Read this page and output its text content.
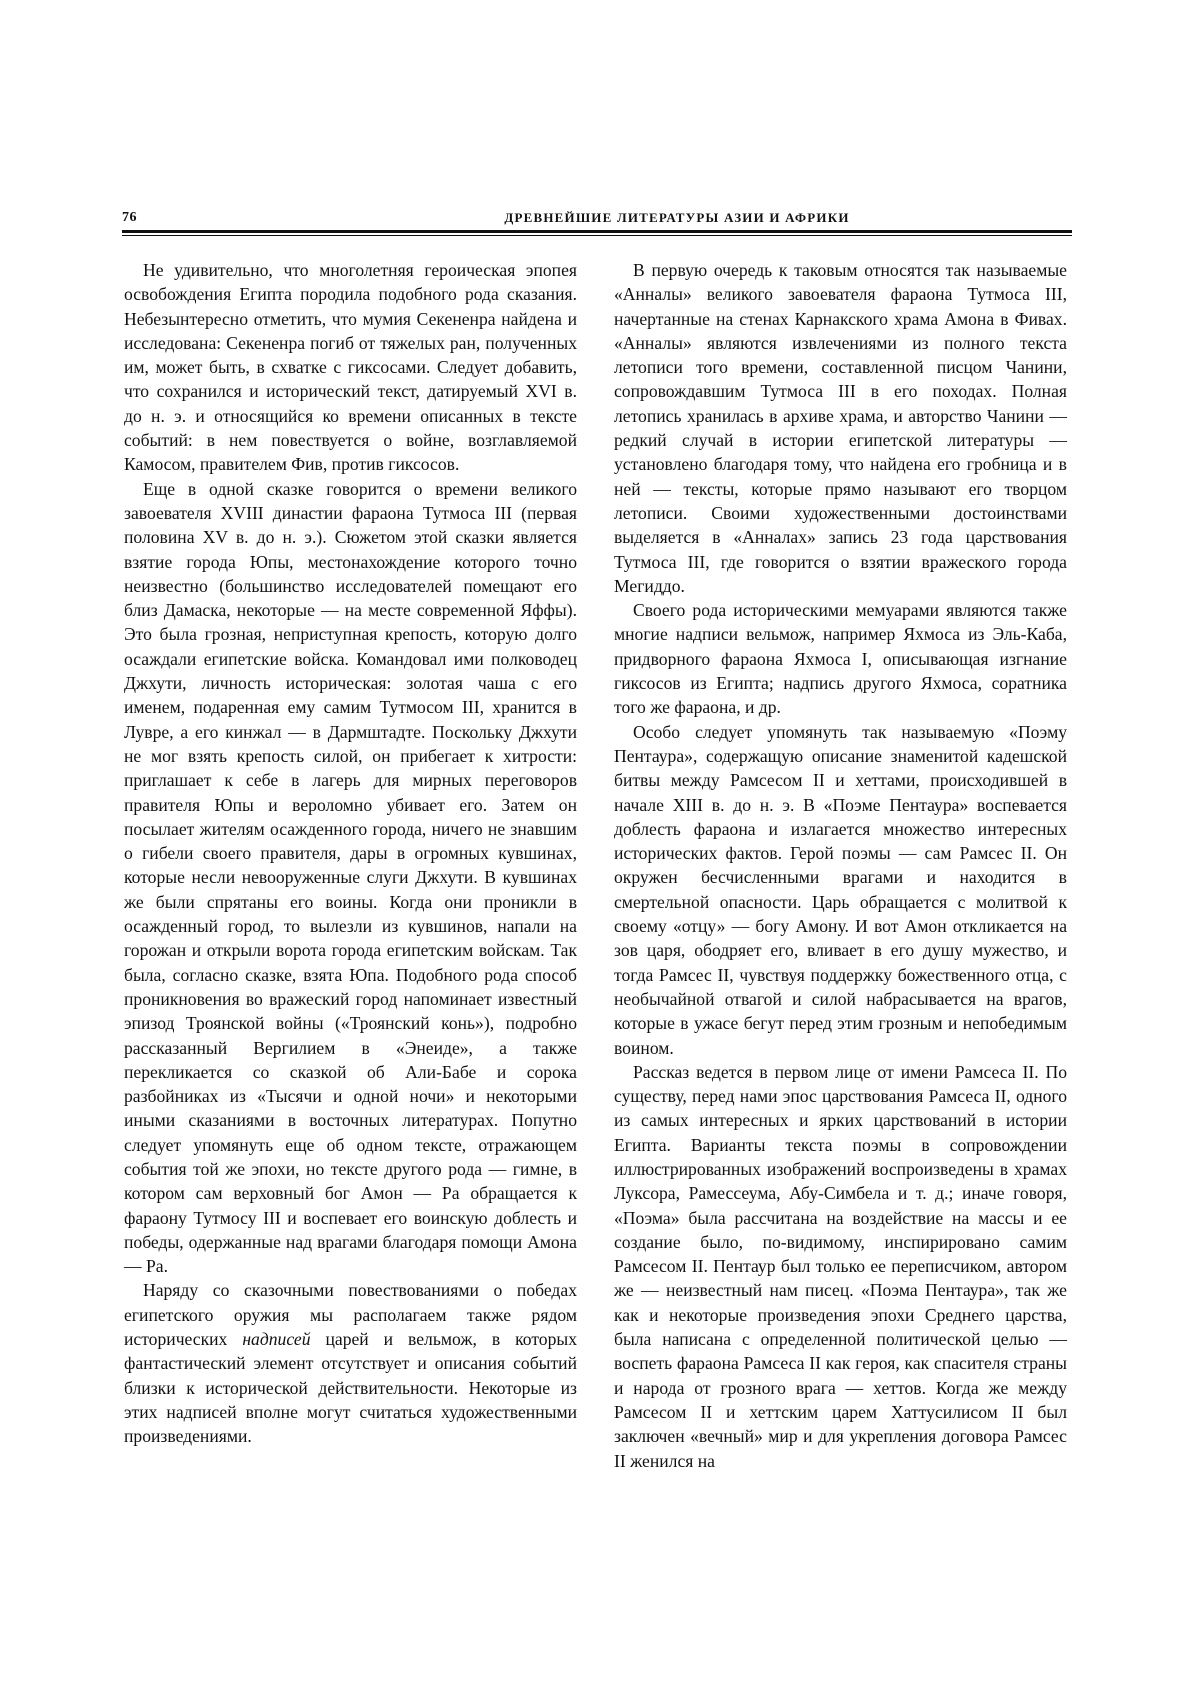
76	ДРЕВНЕЙШИЕ ЛИТЕРАТУРЫ АЗИИ И АФРИКИ

Не удивительно, что многолетняя героическая эпопея освобождения Египта породила подобного рода сказания. Небезынтересно отметить, что мумия Секененра найдена и исследована: Секененра погиб от тяжелых ран, полученных им, может быть, в схватке с гиксосами. Следует добавить, что сохранился и исторический текст, датируемый XVI в. до н. э. и относящийся ко времени описанных в тексте событий: в нем повествуется о войне, возглавляемой Камосом, правителем Фив, против гиксосов.

Еще в одной сказке говорится о времени великого завоевателя XVIII династии фараона Тутмоса III (первая половина XV в. до н. э.). Сюжетом этой сказки является взятие города Юпы, местонахождение которого точно неизвестно (большинство исследователей помещают его близ Дамаска, некоторые — на месте современной Яффы). Это была грозная, неприступная крепость, которую долго осаждали египетские войска. Командовал ими полководец Джхути, личность историческая: золотая чаша с его именем, подаренная ему самим Тутмосом III, хранится в Лувре, а его кинжал — в Дармштадте. Поскольку Джхути не мог взять крепость силой, он прибегает к хитрости: приглашает к себе в лагерь для мирных переговоров правителя Юпы и вероломно убивает его. Затем он посылает жителям осажденного города, ничего не знавшим о гибели своего правителя, дары в огромных кувшинах, которые несли невооруженные слуги Джхути. В кувшинах же были спрятаны его воины. Когда они проникли в осажденный город, то вылезли из кувшинов, напали на горожан и открыли ворота города египетским войскам. Так была, согласно сказке, взята Юпа. Подобного рода способ проникновения во вражеский город напоминает известный эпизод Троянской войны («Троянский конь»), подробно рассказанный Вергилием в «Энеиде», а также перекликается со сказкой об Али-Бабе и сорока разбойниках из «Тысячи и одной ночи» и некоторыми иными сказаниями в восточных литературах. Попутно следует упомянуть еще об одном тексте, отражающем события той же эпохи, но тексте другого рода — гимне, в котором сам верховный бог Амон — Ра обращается к фараону Тутмосу III и воспевает его воинскую доблесть и победы, одержанные над врагами благодаря помощи Амона — Ра.

Наряду со сказочными повествованиями о победах египетского оружия мы располагаем также рядом исторических надписей царей и вельмож, в которых фантастический элемент отсутствует и описания событий близки к исторической действительности. Некоторые из этих надписей вполне могут считаться художественными произведениями.

В первую очередь к таковым относятся так называемые «Анналы» великого завоевателя фараона Тутмоса III, начертанные на стенах Карнакского храма Амона в Фивах. «Анналы» являются извлечениями из полного текста летописи того времени, составленной писцом Чанини, сопровождавшим Тутмоса III в его походах. Полная летопись хранилась в архиве храма, и авторство Чанини — редкий случай в истории египетской литературы — установлено благодаря тому, что найдена его гробница и в ней — тексты, которые прямо называют его творцом летописи. Своими художественными достоинствами выделяется в «Анналах» запись 23 года царствования Тутмоса III, где говорится о взятии вражеского города Мегиддо.

Своего рода историческими мемуарами являются также многие надписи вельмож, например Яхмоса из Эль-Каба, придворного фараона Яхмоса I, описывающая изгнание гиксосов из Египта; надпись другого Яхмоса, соратника того же фараона, и др.

Особо следует упомянуть так называемую «Поэму Пентаура», содержащую описание знаменитой кадешской битвы между Рамсесом II и хеттами, происходившей в начале XIII в. до н. э. В «Поэме Пентаура» воспевается доблесть фараона и излагается множество интересных исторических фактов. Герой поэмы — сам Рамсес II. Он окружен бесчисленными врагами и находится в смертельной опасности. Царь обращается с молитвой к своему «отцу» — богу Амону. И вот Амон откликается на зов царя, ободряет его, вливает в его душу мужество, и тогда Рамсес II, чувствуя поддержку божественного отца, с необычайной отвагой и силой набрасывается на врагов, которые в ужасе бегут перед этим грозным и непобедимым воином.

Рассказ ведется в первом лице от имени Рамсеса II. По существу, перед нами эпос царствования Рамсеса II, одного из самых интересных и ярких царствований в истории Египта. Варианты текста поэмы в сопровождении иллюстрированных изображений воспроизведены в храмах Луксора, Рамессеума, Абу-Симбела и т. д.; иначе говоря, «Поэма» была рассчитана на воздействие на массы и ее создание было, по-видимому, инспирировано самим Рамсесом II. Пентаур был только ее переписчиком, автором же — неизвестный нам писец. «Поэма Пентаура», так же как и некоторые произведения эпохи Среднего царства, была написана с определенной политической целью — воспеть фараона Рамсеса II как героя, как спасителя страны и народа от грозного врага — хеттов. Когда же между Рамсесом II и хеттским царем Хаттусилисом II был заключен «вечный» мир и для укрепления договора Рамсес II женился на
